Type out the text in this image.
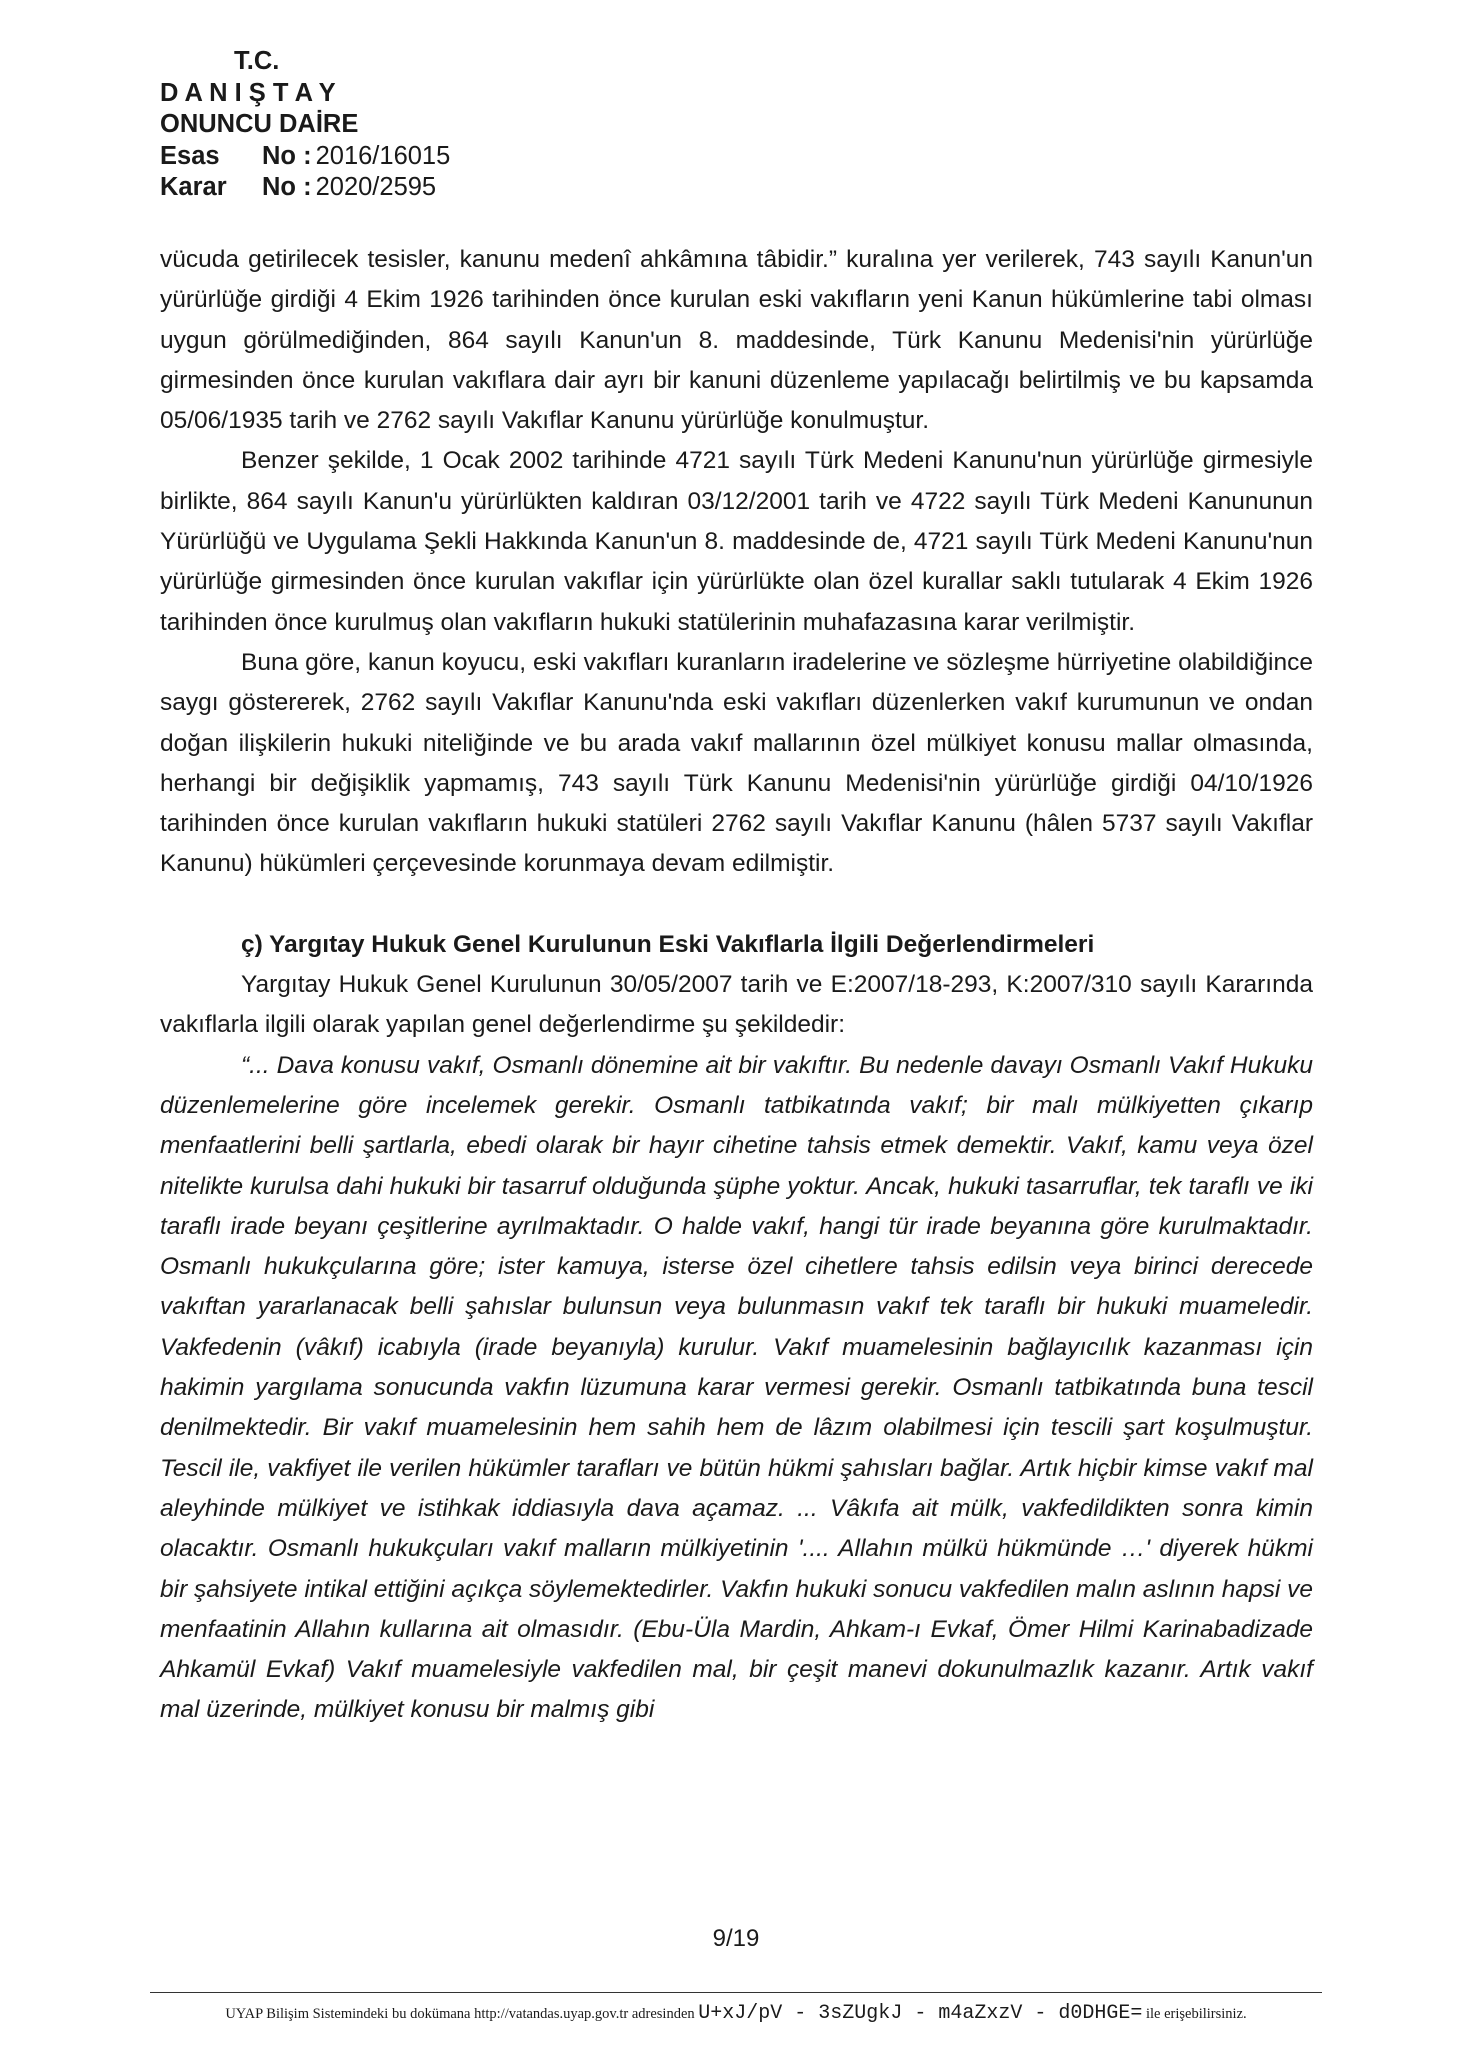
T.C.
D A N I Ş T A Y
ONUNCU DAİRE
Esas No : 2016/16015
Karar No : 2020/2595

vücuda getirilecek tesisler, kanunu medenî ahkâmına tâbidir.” kuralına yer verilerek, 743 sayılı Kanun'un yürürlüğe girdiği 4 Ekim 1926 tarihinden önce kurulan eski vakıfların yeni Kanun hükümlerine tabi olması uygun görülmediğinden, 864 sayılı Kanun'un 8. maddesinde, Türk Kanunu Medenisi'nin yürürlüğe girmesinden önce kurulan vakıflara dair ayrı bir kanuni düzenleme yapılacağı belirtilmiş ve bu kapsamda 05/06/1935 tarih ve 2762 sayılı Vakıflar Kanunu yürürlüğe konulmuştur.

Benzer şekilde, 1 Ocak 2002 tarihinde 4721 sayılı Türk Medeni Kanunu'nun yürürlüğe girmesiyle birlikte, 864 sayılı Kanun'u yürürlükten kaldıran 03/12/2001 tarih ve 4722 sayılı Türk Medeni Kanununun Yürürlüğü ve Uygulama Şekli Hakkında Kanun'un 8. maddesinde de, 4721 sayılı Türk Medeni Kanunu'nun yürürlüğe girmesinden önce kurulan vakıflar için yürürlükte olan özel kurallar saklı tutularak 4 Ekim 1926 tarihinden önce kurulmuş olan vakıfların hukuki statülerinin muhafazasına karar verilmiştir.

Buna göre, kanun koyucu, eski vakıfları kuranların iradelerine ve sözleşme hürriyetine olabildiğince saygı göstererek, 2762 sayılı Vakıflar Kanunu'nda eski vakıfları düzenlerken vakıf kurumunun ve ondan doğan ilişkilerin hukuki niteliğinde ve bu arada vakıf mallarının özel mülkiyet konusu mallar olmasında, herhangi bir değişiklik yapmamış, 743 sayılı Türk Kanunu Medenisi'nin yürürlüğe girdiği 04/10/1926 tarihinden önce kurulan vakıfların hukuki statüleri 2762 sayılı Vakıflar Kanunu (hâlen 5737 sayılı Vakıflar Kanunu) hükümleri çerçevesinde korunmaya devam edilmiştir.

ç) Yargıtay Hukuk Genel Kurulunun Eski Vakıflarla İlgili Değerlendirmeleri

Yargıtay Hukuk Genel Kurulunun 30/05/2007 tarih ve E:2007/18-293, K:2007/310 sayılı Kararında vakıflarla ilgili olarak yapılan genel değerlendirme şu şekildedir:

“... Dava konusu vakıf, Osmanlı dönemine ait bir vakıftır. Bu nedenle davayı Osmanlı Vakıf Hukuku düzenlemelerine göre incelemek gerekir. Osmanlı tatbikatında vakıf; bir malı mülkiyetten çıkarıp menfaatlerini belli şartlarla, ebedi olarak bir hayır cihetine tahsis etmek demektir. Vakıf, kamu veya özel nitelikte kurulsa dahi hukuki bir tasarruf olduğunda şüphe yoktur. Ancak, hukuki tasarruflar, tek taraflı ve iki taraflı irade beyanı çeşitlerine ayrılmaktadır. O halde vakıf, hangi tür irade beyanına göre kurulmaktadır. Osmanlı hukukçularına göre; ister kamuya, isterse özel cihetlere tahsis edilsin veya birinci derecede vakıftan yararlanacak belli şahıslar bulunsun veya bulunmasın vakıf tek taraflı bir hukuki muameledir. Vakfedenin (vâkıf) icabıyla (irade beyanıyla) kurulur. Vakıf muamelesinin bağlayıcılık kazanması için hakimin yargılama sonucunda vakfın lüzumuna karar vermesi gerekir. Osmanlı tatbikatında buna tescil denilmektedir. Bir vakıf muamelesinin hem sahih hem de lâzım olabilmesi için tescili şart koşulmuştur. Tescil ile, vakfiyet ile verilen hükümler tarafları ve bütün hükmi şahısları bağlar. Artık hiçbir kimse vakıf mal aleyhinde mülkiyet ve istihkak iddiasıyla dava açamaz. ... Vâkıfa ait mülk, vakfedildikten sonra kimin olacaktır. Osmanlı hukukçuları vakıf malların mülkiyetinin '.... Allahın mülkü hükmünde …' diyerek hükmi bir şahsiyete intikal ettiğini açıkça söylemektedirler. Vakfın hukuki sonucu vakfedilen malın aslının hapsi ve menfaatinin Allahın kullarına ait olmasıdır. (Ebu-Üla Mardin, Ahkam-ı Evkaf, Ömer Hilmi Karinabadizade Ahkamül Evkaf) Vakıf muamelesiyle vakfedilen mal, bir çeşit manevi dokunulmazlık kazanır. Artık vakıf mal üzerinde, mülkiyet konusu bir malmış gibi

9/19
UYAP Bilişim Sistemindeki bu dokümana http://vatandas.uyap.gov.tr adresinden U+xJ/pV - 3sZUgkJ - m4aZxzV - d0DHGE= ile erişebilirsiniz.
